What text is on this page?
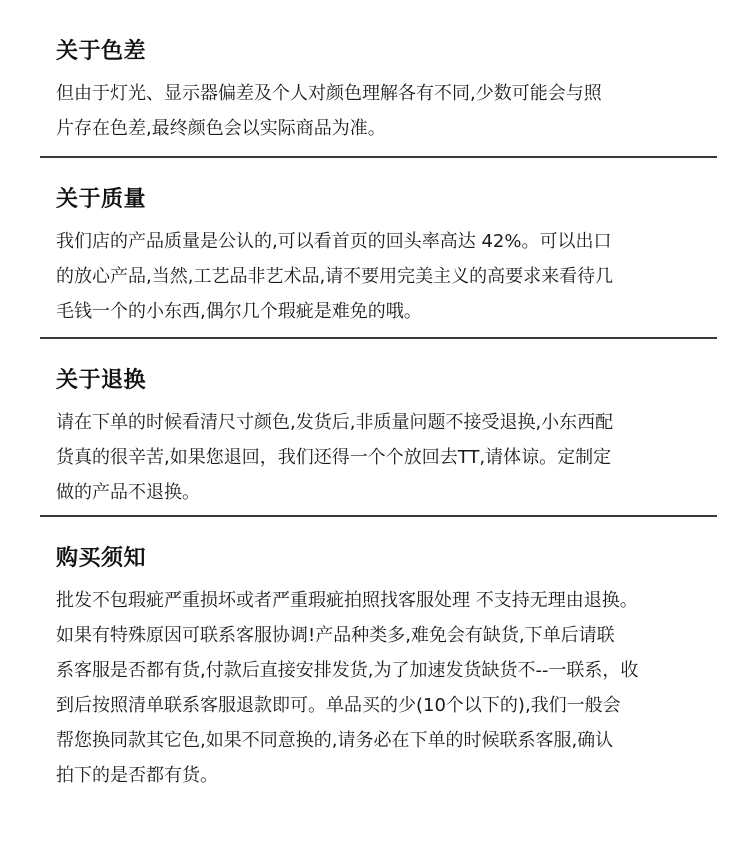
关于色差
但由于灯光、显示器偏差及个人对颜色理解各有不同,少数可能会与照
片存在色差,最终颜色会以实际商品为准。
关于质量
我们店的产品质量是公认的,可以看首页的回头率高达 42%。可以出口
的放心产品,当然,工艺品非艺术品,请不要用完美主义的高要求来看待几
毛钱一个的小东西,偶尔几个瑕疵是难免的哦。
关于退换
请在下单的时候看清尺寸颜色,发货后,非质量问题不接受退换,小东西配
货真的很辛苦,如果您退回，我们还得一个个放回去TT,请体谅。定制定
做的产品不退换。
购买须知
批发不包瑕疵严重损坏或者严重瑕疵拍照找客服处理 不支持无理由退换。
如果有特殊原因可联系客服协调!产品种类多,难免会有缺货,下单后请联
系客服是否都有货,付款后直接安排发货,为了加速发货缺货不--一联系，收
到后按照清单联系客服退款即可。单品买的少(10个以下的),我们一般会
帮您换同款其它色,如果不同意换的,请务必在下单的时候联系客服,确认
拍下的是否都有货。
